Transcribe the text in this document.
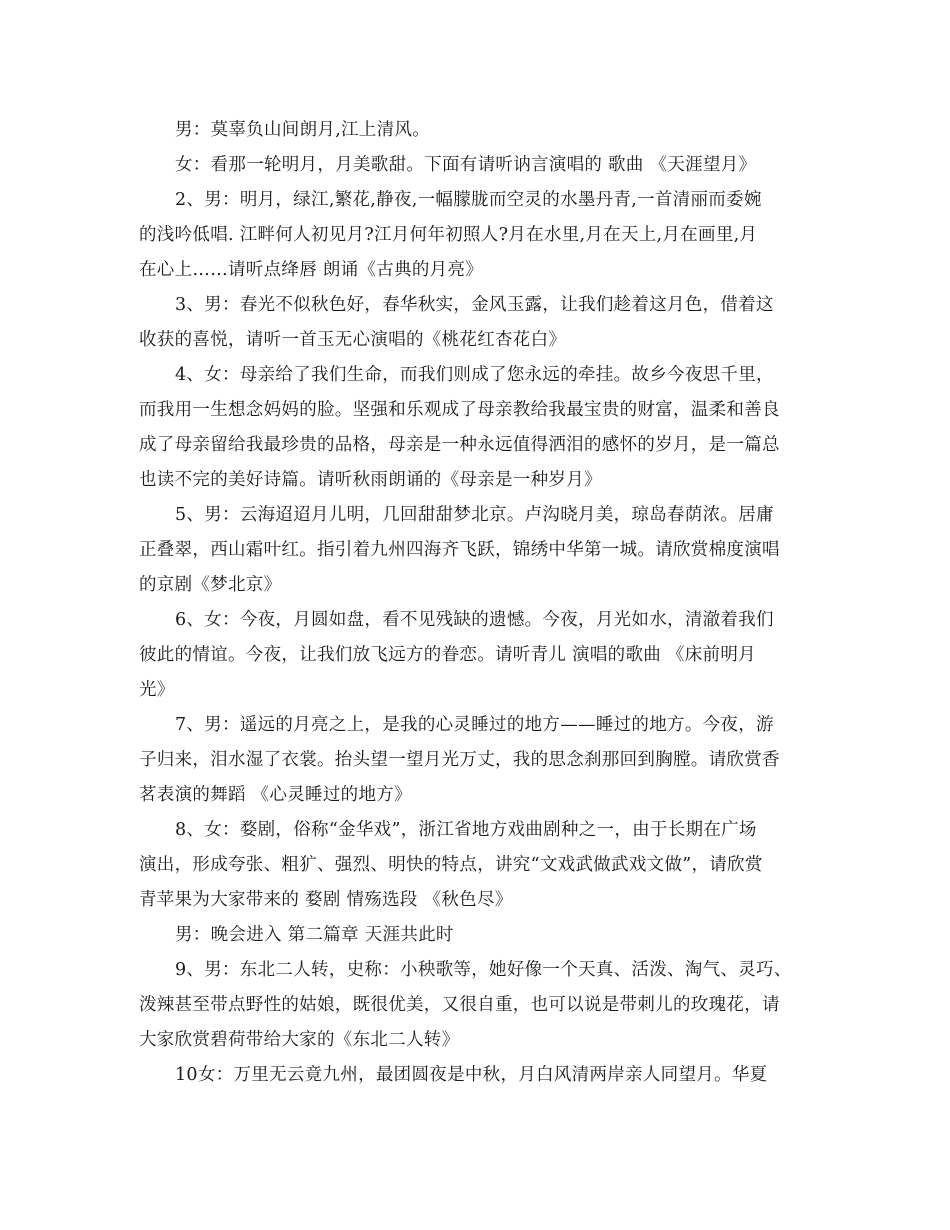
男：莫辜负山间朗月,江上清风。
女：看那一轮明月，月美歌甜。下面有请听讷言演唱的 歌曲 《天涯望月》
2、男：明月，绿江,繁花,静夜,一幅朦胧而空灵的水墨丹青,一首清丽而委婉
的浅吟低唱. 江畔何人初见月?江月何年初照人?月在水里,月在天上,月在画里,月
在心上……请听点绛唇 朗诵《古典的月亮》
3、男：春光不似秋色好，春华秋实，金风玉露，让我们趁着这月色，借着这
收获的喜悦，请听一首玉无心演唱的《桃花红杏花白》
4、女：母亲给了我们生命，而我们则成了您永远的牵挂。故乡今夜思千里，
而我用一生想念妈妈的脸。坚强和乐观成了母亲教给我最宝贵的财富，温柔和善良
成了母亲留给我最珍贵的品格，母亲是一种永远值得洒泪的感怀的岁月，是一篇总
也读不完的美好诗篇。请听秋雨朗诵的《母亲是一种岁月》
5、男：云海迢迢月儿明，几回甜甜梦北京。卢沟晓月美，琼岛春荫浓。居庸
正叠翠，西山霜叶红。指引着九州四海齐飞跃，锦绣中华第一城。请欣赏棉度演唱
的京剧《梦北京》
6、女：今夜，月圆如盘，看不见残缺的遗憾。今夜，月光如水，清澈着我们
彼此的情谊。今夜，让我们放飞远方的眷恋。请听青儿 演唱的歌曲 《床前明月
光》
7、男：遥远的月亮之上，是我的心灵睡过的地方——睡过的地方。今夜，游
子归来，泪水湿了衣裳。抬头望一望月光万丈，我的思念刹那回到胸膛。请欣赏香
茗表演的舞蹈 《心灵睡过的地方》
8、女：婺剧，俗称“金华戏”，浙江省地方戏曲剧种之一，由于长期在广场
演出，形成夸张、粗犷、强烈、明快的特点，讲究“文戏武做武戏文做”，请欣赏
青苹果为大家带来的 婺剧 情殇选段 《秋色尽》
男：晚会进入 第二篇章 天涯共此时
9、男：东北二人转，史称：小秧歌等，她好像一个天真、活泼、淘气、灵巧、
泼辣甚至带点野性的姑娘，既很优美，又很自重，也可以说是带刺儿的玫瑰花，请
大家欣赏碧荷带给大家的《东北二人转》
10女：万里无云竟九州，最团圆夜是中秋，月白风清两岸亲人同望月。华夏
